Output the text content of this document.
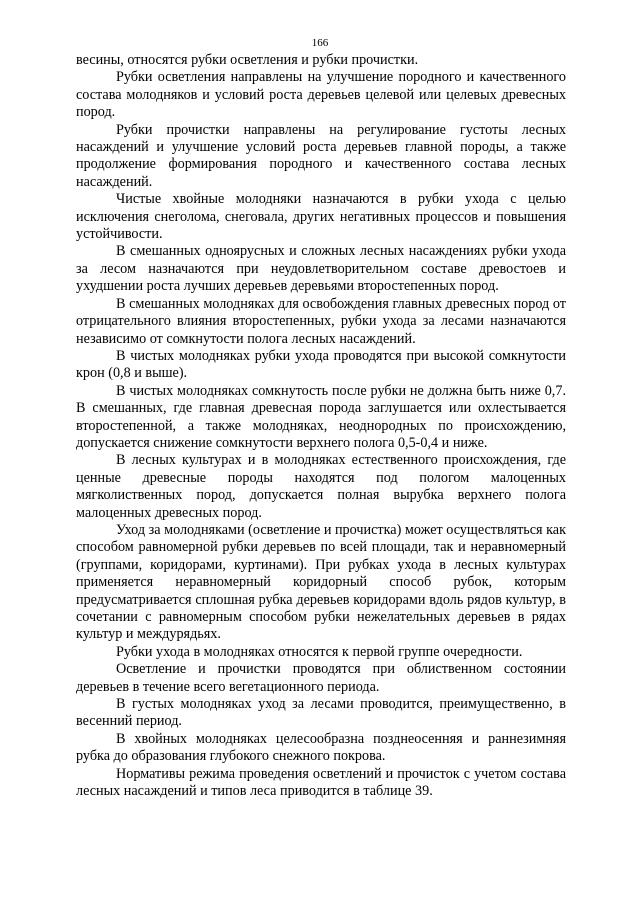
166

весины, относятся рубки осветления и рубки прочистки.

Рубки осветления направлены на улучшение породного и качественного состава молодняков и условий роста деревьев целевой или целевых древесных пород.

Рубки прочистки направлены на регулирование густоты лесных насаждений и улучшение условий роста деревьев главной породы, а также продолжение формирования породного и качественного состава лесных насаждений.

Чистые хвойные молодняки назначаются в рубки ухода с целью исключения снеголома, снеговала, других негативных процессов и повышения устойчивости.

В смешанных одноярусных и сложных лесных насаждениях рубки ухода за лесом назначаются при неудовлетворительном составе древостоев и ухудшении роста лучших деревьев деревьями второстепенных пород.

В смешанных молодняках для освобождения главных древесных пород от отрицательного влияния второстепенных, рубки ухода за лесами назначаются независимо от сомкнутости полога лесных насаждений.

В чистых молодняках рубки ухода проводятся при высокой сомкнутости крон (0,8 и выше).

В чистых молодняках сомкнутость после рубки не должна быть ниже 0,7. В смешанных, где главная древесная порода заглушается или охлестывается второстепенной, а также молодняках, неоднородных по происхождению, допускается снижение сомкнутости верхнего полога 0,5-0,4 и ниже.

В лесных культурах и в молодняках естественного происхождения, где ценные древесные породы находятся под пологом малоценных мягколиственных пород, допускается полная вырубка верхнего полога малоценных древесных пород.

Уход за молодняками (осветление и прочистка) может осуществляться как способом равномерной рубки деревьев по всей площади, так и неравномерный (группами, коридорами, куртинами). При рубках ухода в лесных культурах применяется неравномерный коридорный способ рубок, которым предусматривается сплошная рубка деревьев коридорами вдоль рядов культур, в сочетании с равномерным способом рубки нежелательных деревьев в рядах культур и междурядьях.

Рубки ухода в молодняках относятся к первой группе очередности.

Осветление и прочистки проводятся при облиственном состоянии деревьев в течение всего вегетационного периода.

В густых молодняках уход за лесами проводится, преимущественно, в весенний период.

В хвойных молодняках целесообразна позднеосенняя и раннезимняя рубка до образования глубокого снежного покрова.

Нормативы режима проведения осветлений и прочисток с учетом состава лесных насаждений и типов леса приводится в таблице 39.
